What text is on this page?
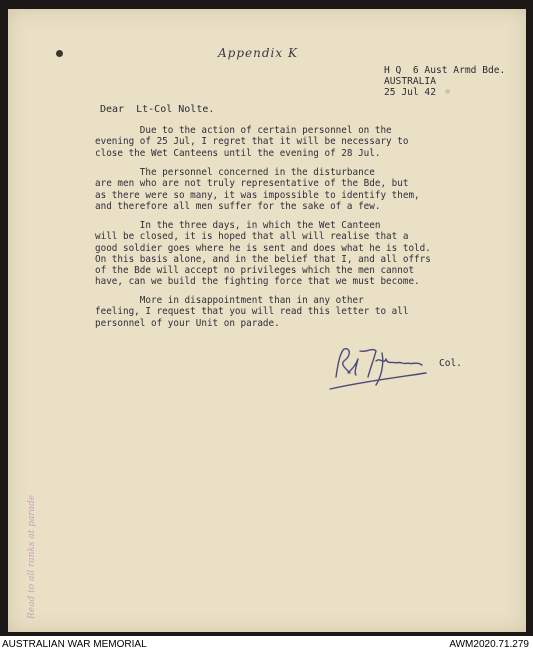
Appendix K
H Q  6 Aust Armd Bde.
AUSTRALIA
25 Jul 42
Dear  Lt-Col Nolte.
Due to the action of certain personnel on the
evening of 25 Jul, I regret that it will be necessary to
close the Wet Canteens until the evening of 28 Jul.
The personnel concerned in the disturbance
are men who are not truly representative of the Bde, but
as there were so many, it was impossible to identify them,
and therefore all men suffer for the sake of a few.
In the three days, in which the Wet Canteen
will be closed, it is hoped that all will realise that a
good soldier goes where he is sent and does what he is told.
On this basis alone, and in the belief that I, and all offrs
of the Bde will accept no privileges which the men cannot
have, can we build the fighting force that we must become.
More in disappointment than in any other
feeling, I request that you will read this letter to all
personnel of your Unit on parade.
Col.
Read to all ranks at parade
AUSTRALIAN WAR MEMORIAL	AWM2020.71.279
